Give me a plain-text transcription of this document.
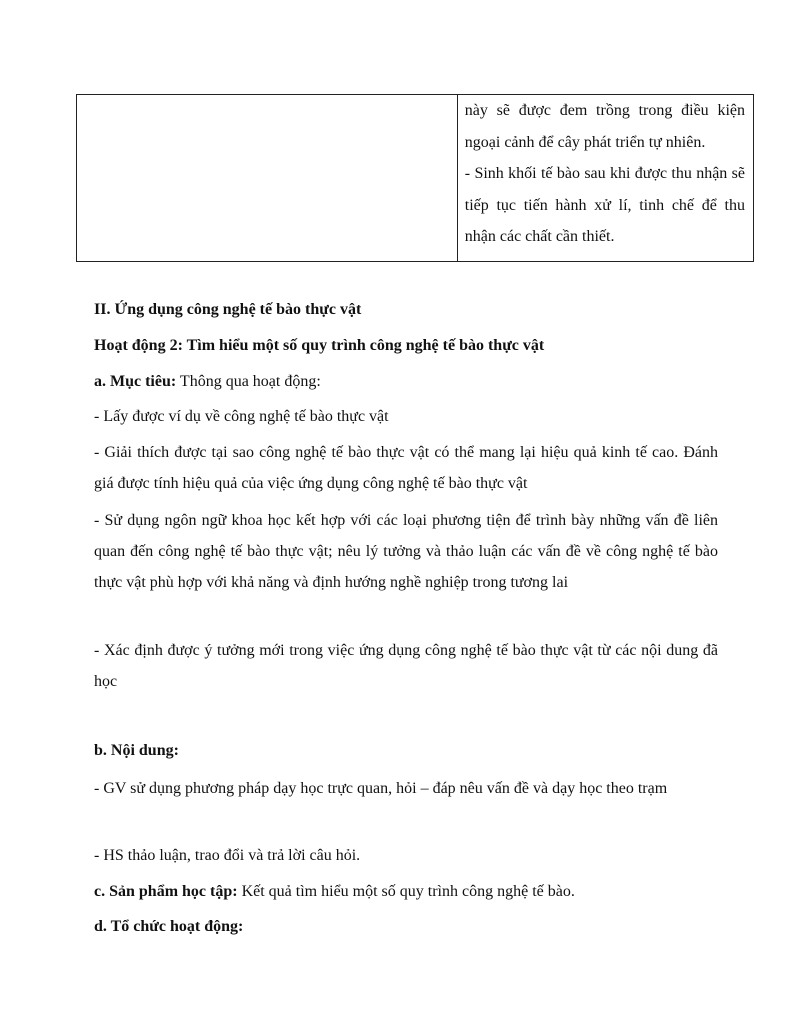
này sẽ được đem trồng trong điều kiện

ngoại cảnh để cây phát triển tự nhiên.

- Sinh khối tế bào sau khi được thu nhận sẽ tiếp tục tiến hành xử lí, tinh chế để thu nhận các chất cần thiết.

II. Ứng dụng công nghệ tế bào thực vật
Hoạt động 2: Tìm hiểu một số quy trình công nghệ tế bào thực vật
a. Mục tiêu: Thông qua hoạt động:
- Lấy được ví dụ về công nghệ tế bào thực vật
- Giải thích được tại sao công nghệ tế bào thực vật có thể mang lại hiệu quả kinh tế cao. Đánh giá được tính hiệu quả của việc ứng dụng công nghệ tế bào thực vật
- Sử dụng ngôn ngữ khoa học kết hợp với các loại phương tiện để trình bày những vấn đề liên quan đến công nghệ tế bào thực vật; nêu lý tưởng và thảo luận các vấn đề về công nghệ tế bào thực vật phù hợp với khả năng và định hướng nghề nghiệp trong tương lai
- Xác định được ý tưởng mới trong việc ứng dụng công nghệ tế bào thực vật từ các nội dung đã học
b. Nội dung:
- GV sử dụng phương pháp dạy học trực quan, hỏi – đáp nêu vấn đề và dạy học theo trạm
- HS thảo luận, trao đổi và trả lời câu hỏi.
c. Sản phẩm học tập: Kết quả tìm hiểu một số quy trình công nghệ tế bào.
d. Tổ chức hoạt động:
